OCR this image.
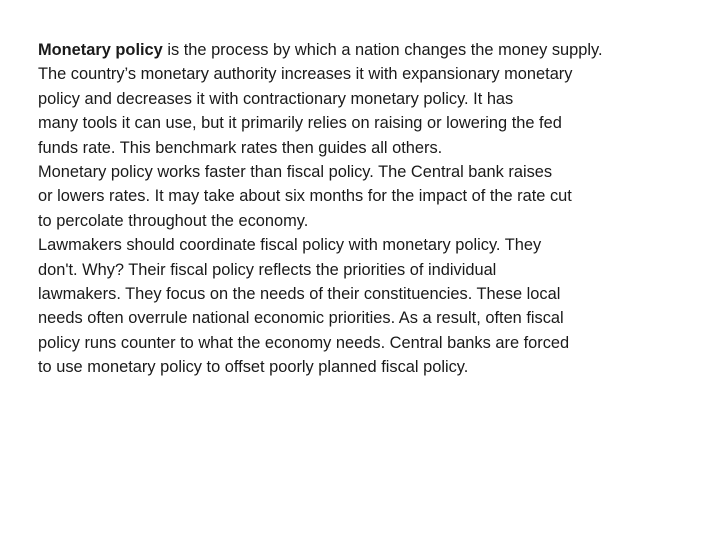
Monetary policy is the process by which a nation changes the money supply.
The country’s monetary authority increases it with expansionary monetary
policy and decreases it with contractionary monetary policy. It has
many tools it can use, but it primarily relies on raising or lowering the fed
funds rate. This benchmark rates then guides all others.

Monetary policy works faster than fiscal policy. The Central bank raises
or lowers rates. It may take about six months for the impact of the rate cut
to percolate throughout the economy.

Lawmakers should coordinate fiscal policy with monetary policy. They
don't. Why? Their fiscal policy reflects the priorities of individual
lawmakers. They focus on the needs of their constituencies. These local
needs often overrule national economic priorities. As a result, often fiscal
policy runs counter to what the economy needs. Central banks are forced
to use monetary policy to offset poorly planned fiscal policy.
